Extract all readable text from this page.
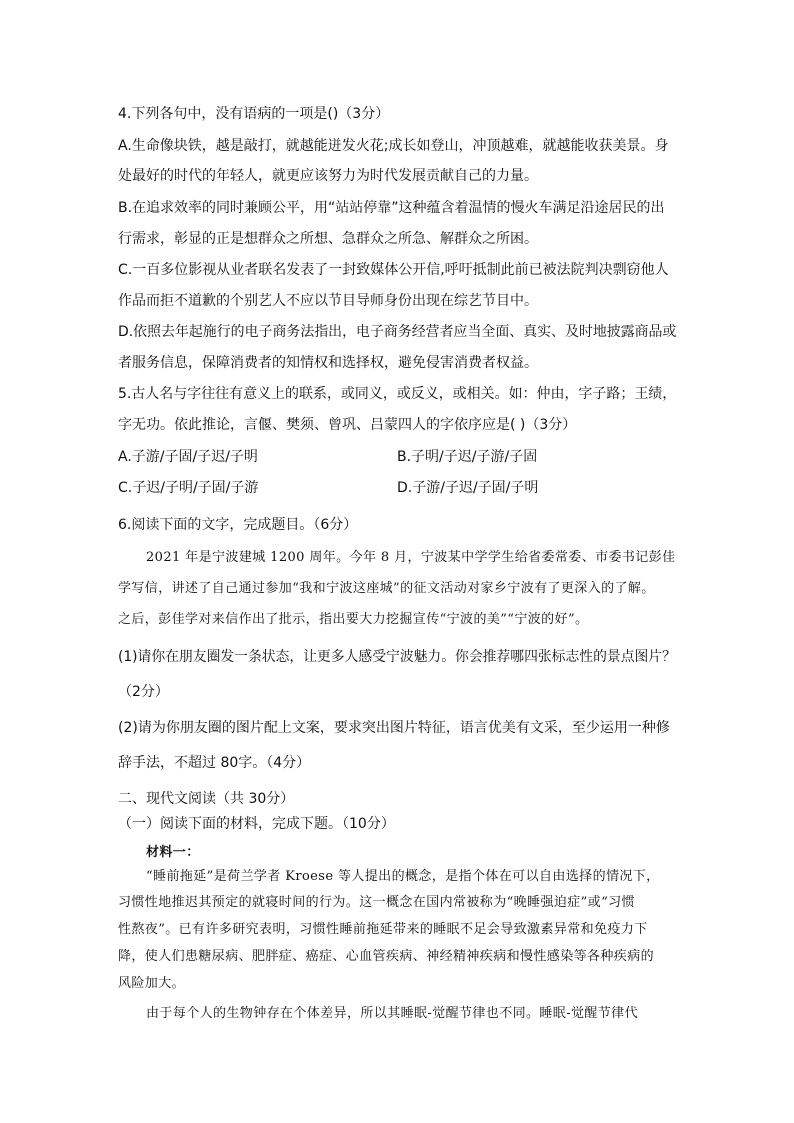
4.下列各句中，没有语病的一项是()（3分）
A.生命像块铁，越是敲打，就越能迸发火花;成长如登山，冲顶越难，就越能收获美景。身
处最好的时代的年轻人，就更应该努力为时代发展贡献自己的力量。
B.在追求效率的同时兼顾公平，用“站站停靠”这种蕴含着温情的慢火车满足沿途居民的出
行需求，彰显的正是想群众之所想、急群众之所急、解群众之所困。
C.一百多位影视从业者联名发表了一封致媒体公开信,呼吁抵制此前已被法院判决剽窃他人
作品而拒不道歉的个别艺人不应以节目导师身份出现在综艺节目中。
D.依照去年起施行的电子商务法指出，电子商务经营者应当全面、真实、及时地披露商品或
者服务信息，保障消费者的知情权和选择权，避免侵害消费者权益。
5.古人名与字往往有意义上的联系，或同义，或反义，或相关。如：仲由，字子路；王绩，
字无功。依此推论，言偃、樊须、曾巩、吕蒙四人的字依序应是( )（3分）
A.子游/子固/子迟/子明	B.子明/子迟/子游/子固
C.子迟/子明/子固/子游	D.子游/子迟/子固/子明
6.阅读下面的文字，完成题目。（6分）
2021 年是宁波建城 1200 周年。今年 8 月，宁波某中学学生给省委常委、市委书记彭佳
学写信，讲述了自己通过参加“我和宁波这座城”的征文活动对家乡宁波有了更深入的了解。
之后，彭佳学对来信作出了批示，指出要大力挖掘宣传“宁波的美”“宁波的好”。
(1)请你在朋友圈发一条状态，让更多人感受宁波魅力。你会推荐哪四张标志性的景点图片？
（2分）
(2)请为你朋友圈的图片配上文案，要求突出图片特征，语言优美有文采，至少运用一种修
辞手法，不超过 80字。（4分）
二、现代文阅读（共 30分）
（一）阅读下面的材料，完成下题。（10分）
材料一：
“睡前拖延”是荷兰学者 Kroese 等人提出的概念，是指个体在可以自由选择的情况下，
习惯性地推迟其预定的就寝时间的行为。这一概念在国内常被称为“晚睡强迫症”或“习惯
性熬夜”。已有许多研究表明，习惯性睡前拖延带来的睡眠不足会导致激素异常和免疫力下
降，使人们患糖尿病、肥胖症、癌症、心血管疾病、神经精神疾病和慢性感染等各种疾病的
风险加大。
由于每个人的生物钟存在个体差异，所以其睡眠-觉醒节律也不同。睡眠-觉醒节律代
